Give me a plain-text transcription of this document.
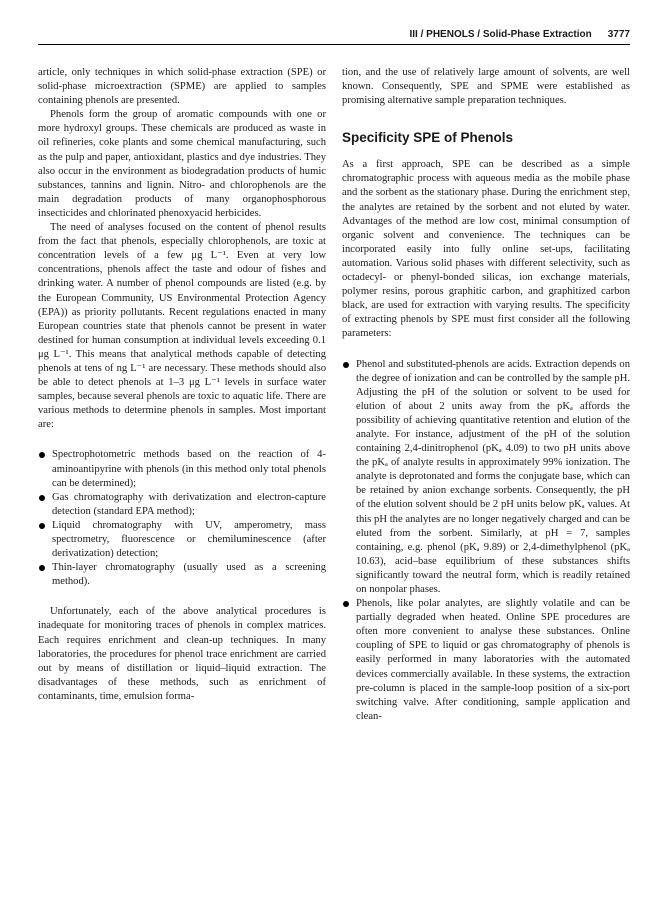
III / PHENOLS / Solid-Phase Extraction 3777

article, only techniques in which solid-phase extraction (SPE) or solid-phase microextraction (SPME) are applied to samples containing phenols are presented.

Phenols form the group of aromatic compounds with one or more hydroxyl groups. These chemicals are produced as waste in oil refineries, coke plants and some chemical manufacturing, such as the pulp and paper, antioxidant, plastics and dye industries. They also occur in the environment as biodegradation products of humic substances, tannins and lignin. Nitro- and chlorophenols are the main degradation products of many organophosphorous insecticides and chlorinated phenoxyacid herbicides.

The need of analyses focused on the content of phenol results from the fact that phenols, especially chlorophenols, are toxic at concentration levels of a few μg L⁻¹. Even at very low concentrations, phenols affect the taste and odour of fishes and drinking water. A number of phenol compounds are listed (e.g. by the European Community, US Environmental Protection Agency (EPA)) as priority pollutants. Recent regulations enacted in many European countries state that phenols cannot be present in water destined for human consumption at individual levels exceeding 0.1 μg L⁻¹. This means that analytical methods capable of detecting phenols at tens of ng L⁻¹ are necessary. These methods should also be able to detect phenols at 1–3 μg L⁻¹ levels in surface water samples, because several phenols are toxic to aquatic life. There are various methods to determine phenols in samples. Most important are:

Spectrophotometric methods based on the reaction of 4-aminoantipyrine with phenols (in this method only total phenols can be determined);
Gas chromatography with derivatization and electron-capture detection (standard EPA method);
Liquid chromatography with UV, amperometry, mass spectrometry, fluorescence or chemiluminescence (after derivatization) detection;
Thin-layer chromatography (usually used as a screening method).

Unfortunately, each of the above analytical procedures is inadequate for monitoring traces of phenols in complex matrices. Each requires enrichment and clean-up techniques. In many laboratories, the procedures for phenol trace enrichment are carried out by means of distillation or liquid–liquid extraction. The disadvantages of these methods, such as enrichment of contaminants, time, emulsion forma-

tion, and the use of relatively large amount of solvents, are well known. Consequently, SPE and SPME were established as promising alternative sample preparation techniques.

Specificity SPE of Phenols

As a first approach, SPE can be described as a simple chromatographic process with aqueous media as the mobile phase and the sorbent as the stationary phase. During the enrichment step, the analytes are retained by the sorbent and not eluted by water. Advantages of the method are low cost, minimal consumption of organic solvent and convenience. The techniques can be incorporated easily into fully online set-ups, facilitating automation. Various solid phases with different selectivity, such as octadecyl- or phenyl-bonded silicas, ion exchange materials, polymer resins, porous graphitic carbon, and graphitized carbon black, are used for extraction with varying results. The specificity of extracting phenols by SPE must first consider all the following parameters:

Phenol and substituted-phenols are acids. Extraction depends on the degree of ionization and can be controlled by the sample pH. Adjusting the pH of the solution or solvent to be used for elution of about 2 units away from the pKₐ affords the possibility of achieving quantitative retention and elution of the analyte. For instance, adjustment of the pH of the solution containing 2,4-dinitrophenol (pKₐ 4.09) to two pH units above the pKₐ of analyte results in approximately 99% ionization. The analyte is deprotonated and forms the conjugate base, which can be retained by anion exchange sorbents. Consequently, the pH of the elution solvent should be 2 pH units below pKₐ values. At this pH the analytes are no longer negatively charged and can be eluted from the sorbent. Similarly, at pH = 7, samples containing, e.g. phenol (pKₐ 9.89) or 2,4-dimethylphenol (pKₐ 10.63), acid–base equilibrium of these substances shifts significantly toward the neutral form, which is readily retained on nonpolar phases.
Phenols, like polar analytes, are slightly volatile and can be partially degraded when heated. Online SPE procedures are often more convenient to analyse these substances. Online coupling of SPE to liquid or gas chromatography of phenols is easily performed in many laboratories with the automated devices commercially available. In these systems, the extraction pre-column is placed in the sample-loop position of a six-port switching valve. After conditioning, sample application and clean-
